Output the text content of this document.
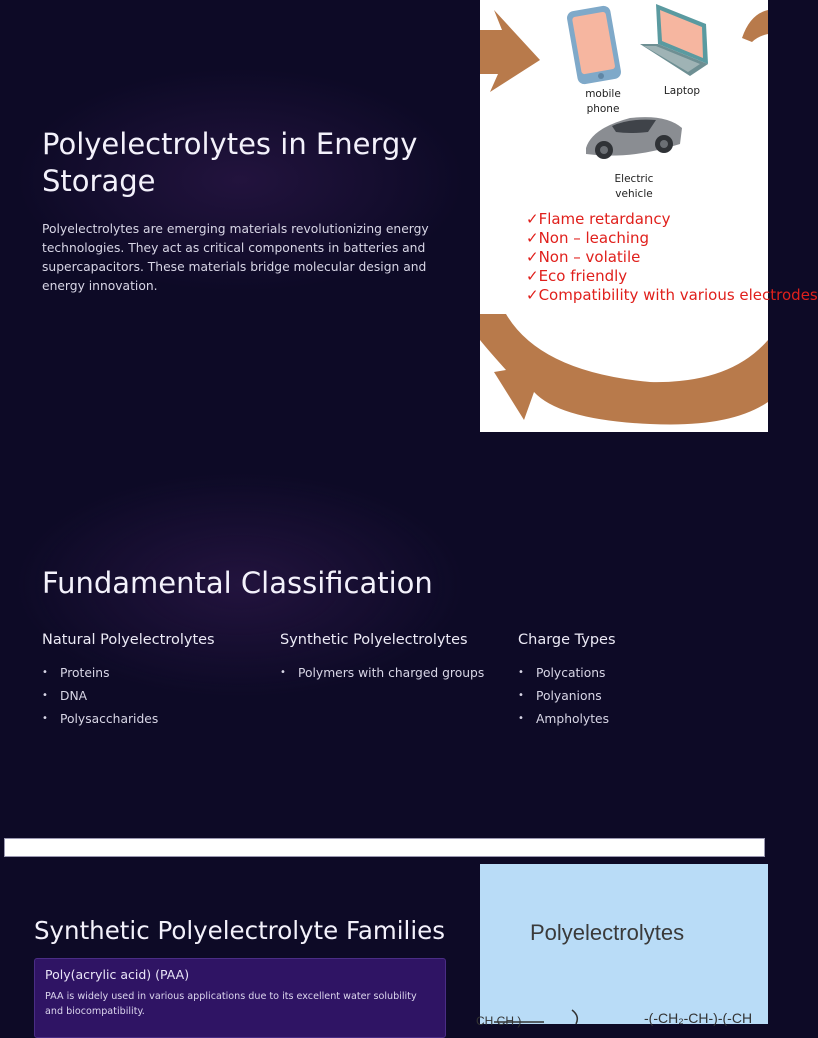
Polyelectrolytes in Energy Storage

Polyelectrolytes are emerging materials revolutionizing energy technologies. They act as critical components in batteries and supercapacitors. These materials bridge molecular design and energy innovation.

mobile
phone
Laptop
Electric
vehicle
✓Flame retardancy
✓Non – leaching
✓Non – volatile
✓Eco friendly
✓Compatibility with various electrodes
Fundamental Classification
Natural Polyelectrolytes
• Proteins
• DNA
• Polysaccharides
Synthetic Polyelectrolytes
• Polymers with charged groups
Charge Types
• Polycations
• Polyanions
• Ampholytes
Synthetic Polyelectrolyte Families
Poly(acrylic acid) (PAA)
PAA is widely used in various applications due to its excellent water solubility and biocompatibility.
Polyelectrolytes
CH CH )	-(-CH₂-CH-)-(-CH
